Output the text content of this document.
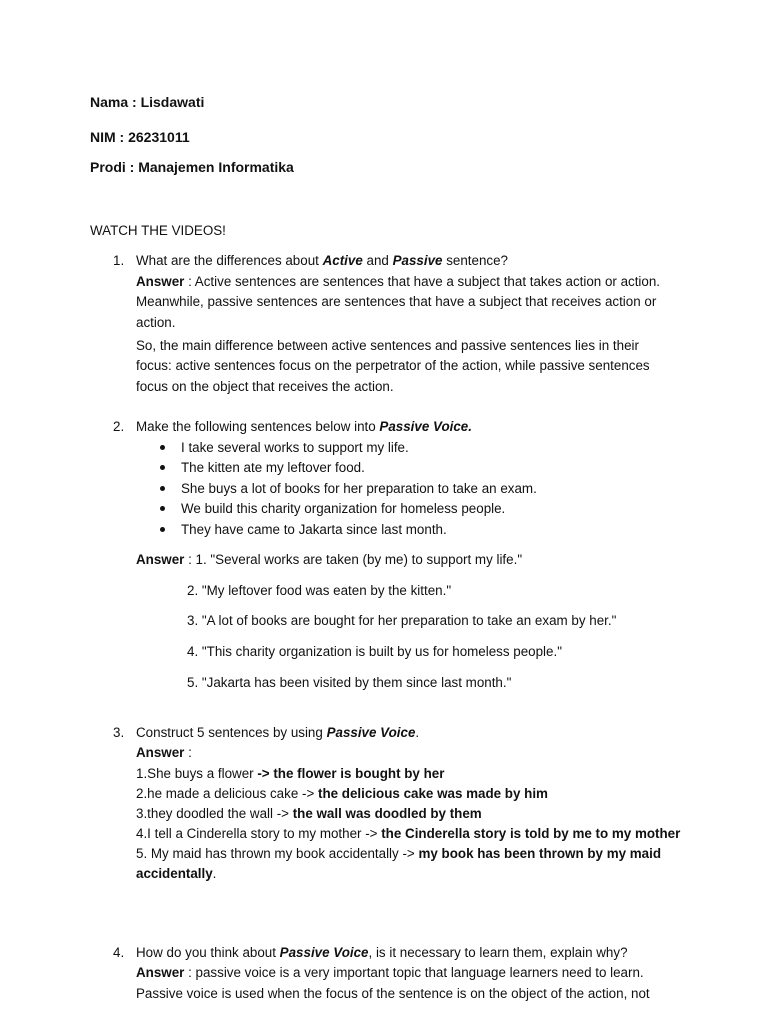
Nama : Lisdawati
NIM : 26231011
Prodi : Manajemen Informatika
WATCH THE VIDEOS!
1. What are the differences about Active and Passive sentence?
Answer : Active sentences are sentences that have a subject that takes action or action.
Meanwhile, passive sentences are sentences that have a subject that receives action or
action.
So, the main difference between active sentences and passive sentences lies in their
focus: active sentences focus on the perpetrator of the action, while passive sentences
focus on the object that receives the action.
2. Make the following sentences below into Passive Voice.
I take several works to support my life.
The kitten ate my leftover food.
She buys a lot of books for her preparation to take an exam.
We build this charity organization for homeless people.
They have came to Jakarta since last month.
Answer : 1. "Several works are taken (by me) to support my life."
2. "My leftover food was eaten by the kitten."
3. "A lot of books are bought for her preparation to take an exam by her."
4. "This charity organization is built by us for homeless people."
5. "Jakarta has been visited by them since last month."
3. Construct 5 sentences by using Passive Voice.
Answer :
1.She buys a flower -> the flower is bought by her
2.he made a delicious cake -> the delicious cake was made by him
3.they doodled the wall -> the wall was doodled by them
4.I tell a Cinderella story to my mother -> the Cinderella story is told by me to my mother
5. My maid has thrown my book accidentally -> my book has been thrown by my maid
accidentally.
4. How do you think about Passive Voice, is it necessary to learn them, explain why?
Answer : passive voice is a very important topic that language learners need to learn.
Passive voice is used when the focus of the sentence is on the object of the action, not
